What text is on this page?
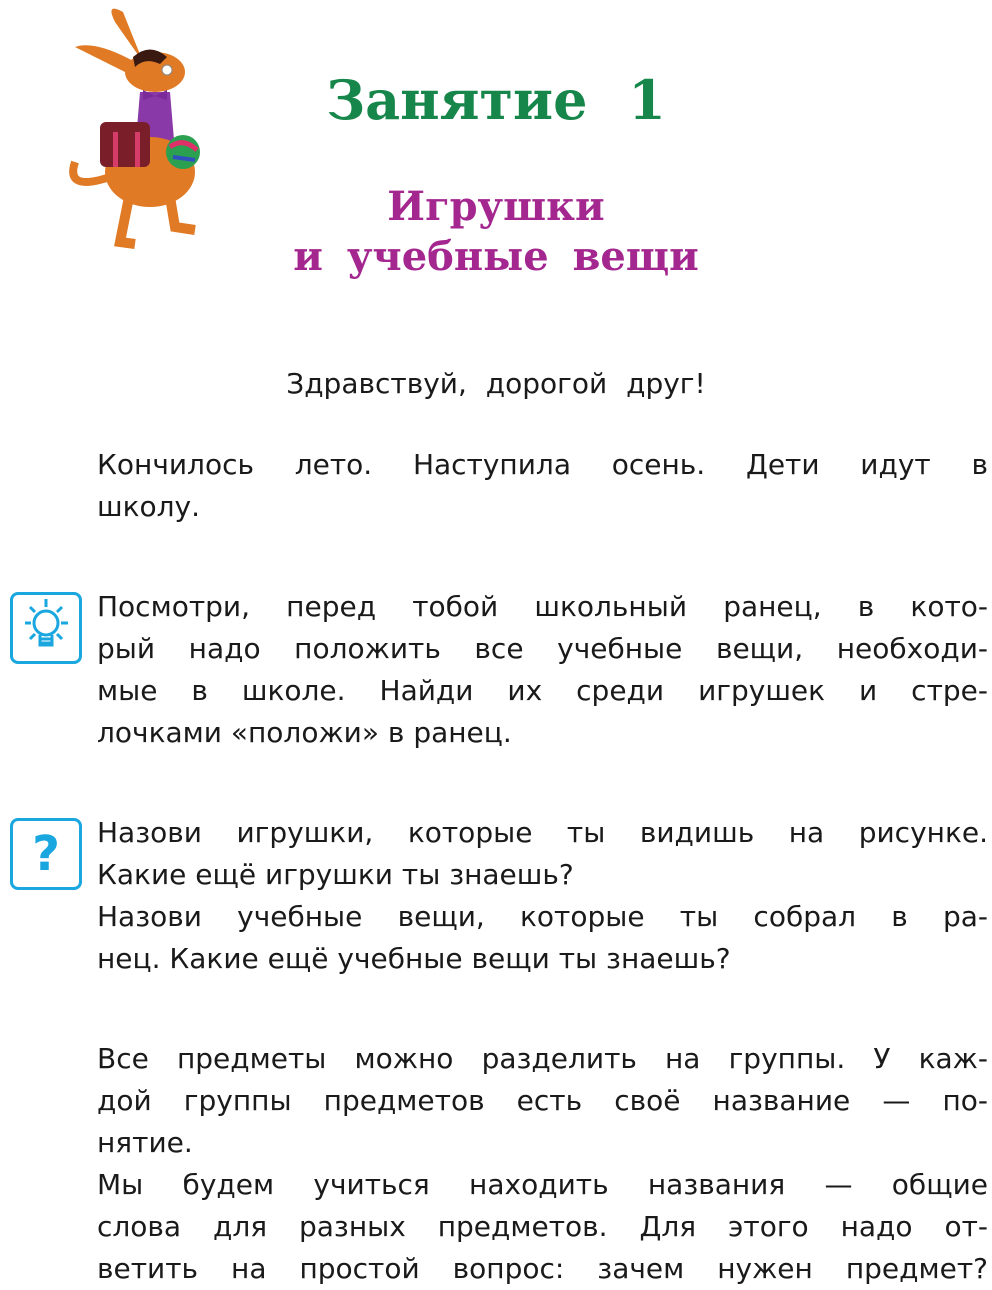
Занятие 1
Игрушки
и учебные вещи
Здравствуй, дорогой друг!
Кончилось лето. Наступила осень. Дети идут в
школу.
Посмотри, перед тобой школьный ранец, в кото-
рый надо положить все учебные вещи, необходи-
мые в школе. Найди их среди игрушек и стре-
лочками «положи» в ранец.
?	Назови игрушки, которые ты видишь на рисунке.
Какие ещё игрушки ты знаешь?
Назови учебные вещи, которые ты собрал в ра-
нец. Какие ещё учебные вещи ты знаешь?
Все предметы можно разделить на группы. У каж-
дой группы предметов есть своё название — по-
нятие.
Мы будем учиться находить названия — общие
слова для разных предметов. Для этого надо от-
ветить на простой вопрос: зачем нужен предмет?
